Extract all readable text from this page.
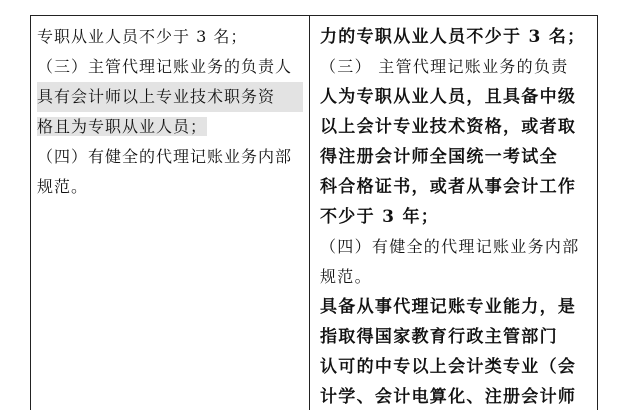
专职从业人员不少于 3 名；
（三）主管代理记账业务的负责人
具有会计师以上专业技术职务资
格且为专职从业人员；
（四）有健全的代理记账业务内部
规范。
力的专职从业人员不少于 3 名；
（三） 主管代理记账业务的负责
人为专职从业人员，且具备中级
以上会计专业技术资格，或者取
得注册会计师全国统一考试全
科合格证书，或者从事会计工作
不少于 3 年；
（四）有健全的代理记账业务内部
规范。
具备从事代理记账专业能力，是
指取得国家教育行政主管部门
认可的中专以上会计类专业（会
计学、会计电算化、注册会计师
